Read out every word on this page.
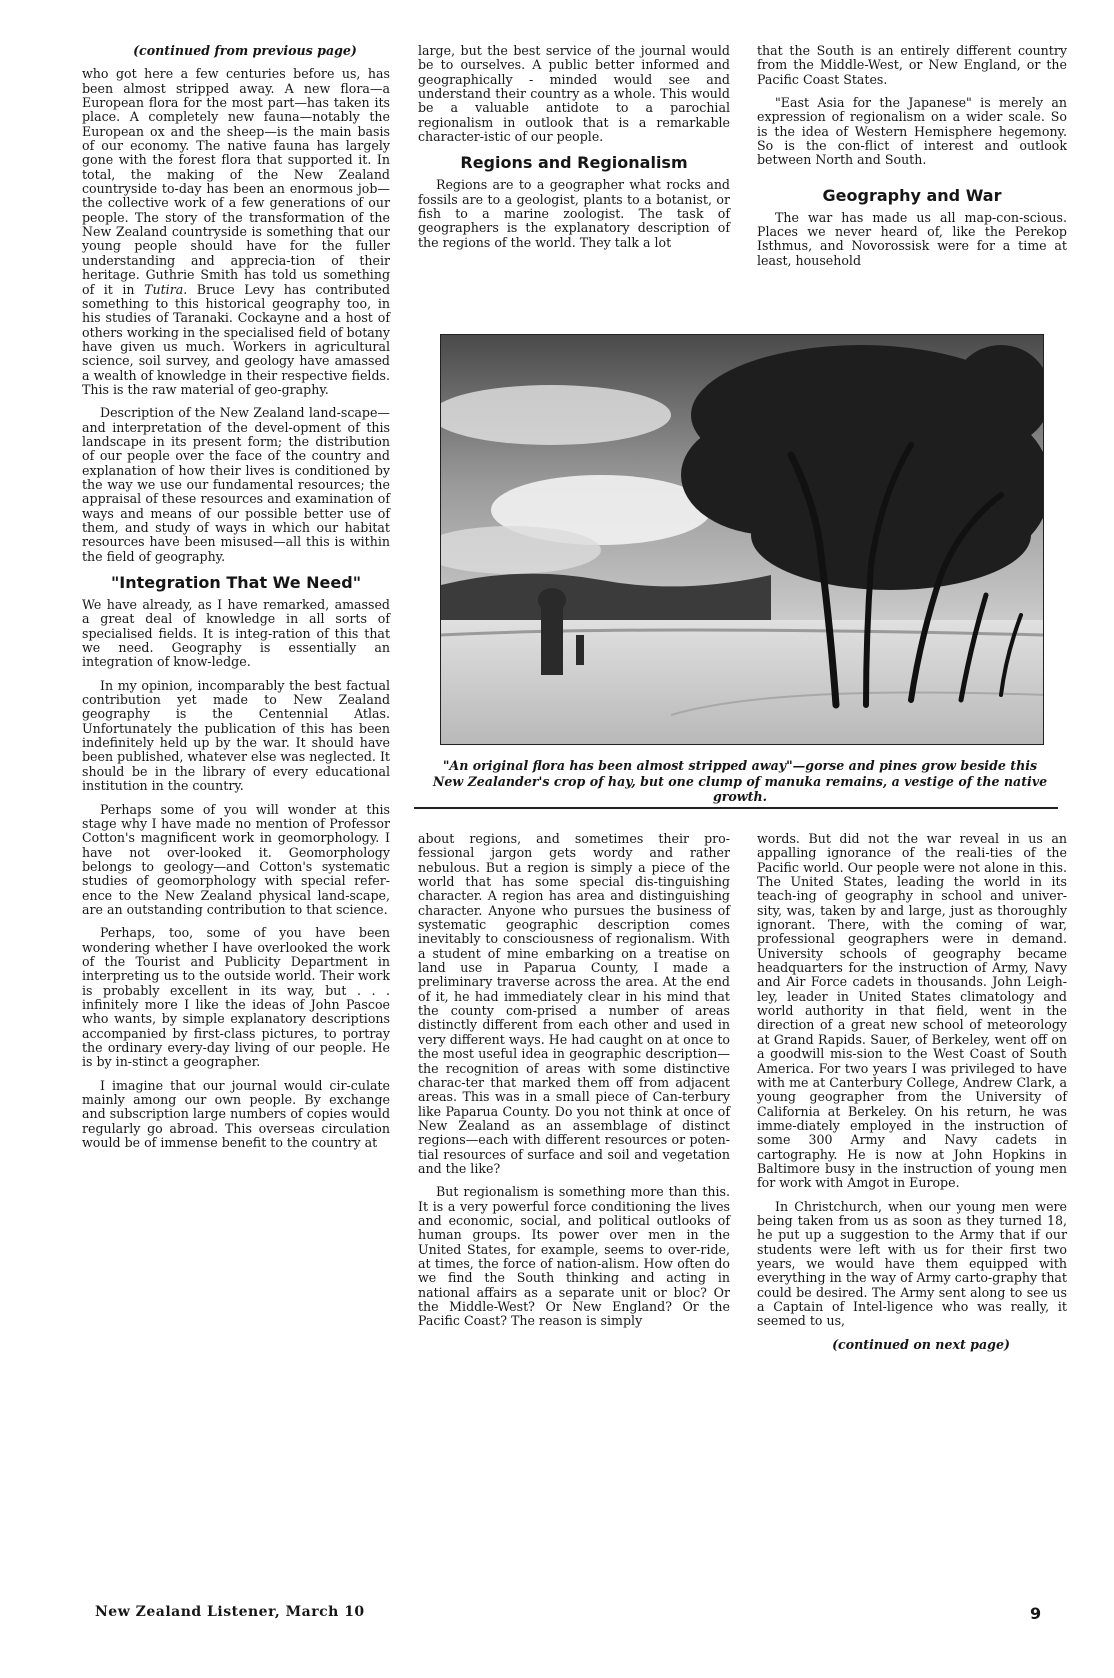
(continued from previous page)

who got here a few centuries before us, has been almost stripped away. A new flora—a European flora for the most part—has taken its place. A completely new fauna—notably the European ox and the sheep—is the main basis of our economy. The native fauna has largely gone with the forest flora that supported it. In total, the making of the New Zealand countryside to-day has been an enormous job—the collective work of a few generations of our people. The story of the transformation of the New Zealand countryside is something that our young people should have for the fuller understanding and apprecia-tion of their heritage. Guthrie Smith has told us something of it in Tutira. Bruce Levy has contributed something to this historical geography too, in his studies of Taranaki. Cockayne and a host of others working in the specialised field of botany have given us much. Workers in agricultural science, soil survey, and geology have amassed a wealth of knowledge in their respective fields. This is the raw material of geo-graphy.

Description of the New Zealand land-scape—and interpretation of the devel-opment of this landscape in its present form; the distribution of our people over the face of the country and explanation of how their lives is conditioned by the way we use our fundamental resources; the appraisal of these resources and examination of ways and means of our possible better use of them, and study of ways in which our habitat resources have been misused—all this is within the field of geography.

"Integration That We Need"

We have already, as I have remarked, amassed a great deal of knowledge in all sorts of specialised fields. It is integ-ration of this that we need. Geography is essentially an integration of know-ledge.

In my opinion, incomparably the best factual contribution yet made to New Zealand geography is the Centennial Atlas. Unfortunately the publication of this has been indefinitely held up by the war. It should have been published, whatever else was neglected. It should be in the library of every educational institution in the country.

Perhaps some of you will wonder at this stage why I have made no mention of Professor Cotton's magnificent work in geomorphology. I have not over-looked it. Geomorphology belongs to geology—and Cotton's systematic studies of geomorphology with special refer-ence to the New Zealand physical land-scape, are an outstanding contribution to that science.

Perhaps, too, some of you have been wondering whether I have overlooked the work of the Tourist and Publicity Department in interpreting us to the outside world. Their work is probably excellent in its way, but . . . infinitely more I like the ideas of John Pascoe who wants, by simple explanatory descriptions accompanied by first-class pictures, to portray the ordinary every-day living of our people. He is by in-stinct a geographer.

I imagine that our journal would cir-culate mainly among our own people. By exchange and subscription large numbers of copies would regularly go abroad. This overseas circulation would be of immense benefit to the country at

large, but the best service of the journal would be to ourselves. A public better informed and geographically - minded would see and understand their country as a whole. This would be a valuable antidote to a parochial regionalism in outlook that is a remarkable character-istic of our people.

Regions and Regionalism

Regions are to a geographer what rocks and fossils are to a geologist, plants to a botanist, or fish to a marine zoologist. The task of geographers is the explanatory description of the regions of the world. They talk a lot

that the South is an entirely different country from the Middle-West, or New England, or the Pacific Coast States.

"East Asia for the Japanese" is merely an expression of regionalism on a wider scale. So is the idea of Western Hemisphere hegemony. So is the con-flict of interest and outlook between North and South.

Geography and War

The war has made us all map-con-scious. Places we never heard of, like the Perekop Isthmus, and Novorossisk were for a time at least, household

"An original flora has been almost stripped away"—gorse and pines grow beside this New Zealander's crop of hay, but one clump of manuka remains, a vestige of the native growth.

about regions, and sometimes their pro-fessional jargon gets wordy and rather nebulous. But a region is simply a piece of the world that has some special dis-tinguishing character. A region has area and distinguishing character. Anyone who pursues the business of systematic geographic description comes inevitably to consciousness of regionalism. With a student of mine embarking on a treatise on land use in Paparua County, I made a preliminary traverse across the area. At the end of it, he had immediately clear in his mind that the county com-prised a number of areas distinctly different from each other and used in very different ways. He had caught on at once to the most useful idea in geographic description—the recognition of areas with some distinctive charac-ter that marked them off from adjacent areas. This was in a small piece of Can-terbury like Paparua County. Do you not think at once of New Zealand as an assemblage of distinct regions—each with different resources or poten-tial resources of surface and soil and vegetation and the like?

But regionalism is something more than this. It is a very powerful force conditioning the lives and economic, social, and political outlooks of human groups. Its power over men in the United States, for example, seems to over-ride, at times, the force of nation-alism. How often do we find the South thinking and acting in national affairs as a separate unit or bloc? Or the Middle-West? Or New England? Or the Pacific Coast? The reason is simply

words. But did not the war reveal in us an appalling ignorance of the reali-ties of the Pacific world. Our people were not alone in this. The United States, leading the world in its teach-ing of geography in school and univer-sity, was, taken by and large, just as thoroughly ignorant. There, with the coming of war, professional geographers were in demand. University schools of geography became headquarters for the instruction of Army, Navy and Air Force cadets in thousands. John Leigh-ley, leader in United States climatology and world authority in that field, went in the direction of a great new school of meteorology at Grand Rapids. Sauer, of Berkeley, went off on a goodwill mis-sion to the West Coast of South America. For two years I was privileged to have with me at Canterbury College, Andrew Clark, a young geographer from the University of California at Berkeley. On his return, he was imme-diately employed in the instruction of some 300 Army and Navy cadets in cartography. He is now at John Hopkins in Baltimore busy in the instruction of young men for work with Amgot in Europe.

In Christchurch, when our young men were being taken from us as soon as they turned 18, he put up a suggestion to the Army that if our students were left with us for their first two years, we would have them equipped with everything in the way of Army carto-graphy that could be desired. The Army sent along to see us a Captain of Intel-ligence who was really, it seemed to us,

(continued on next page)

New Zealand Listener, March 10	9
